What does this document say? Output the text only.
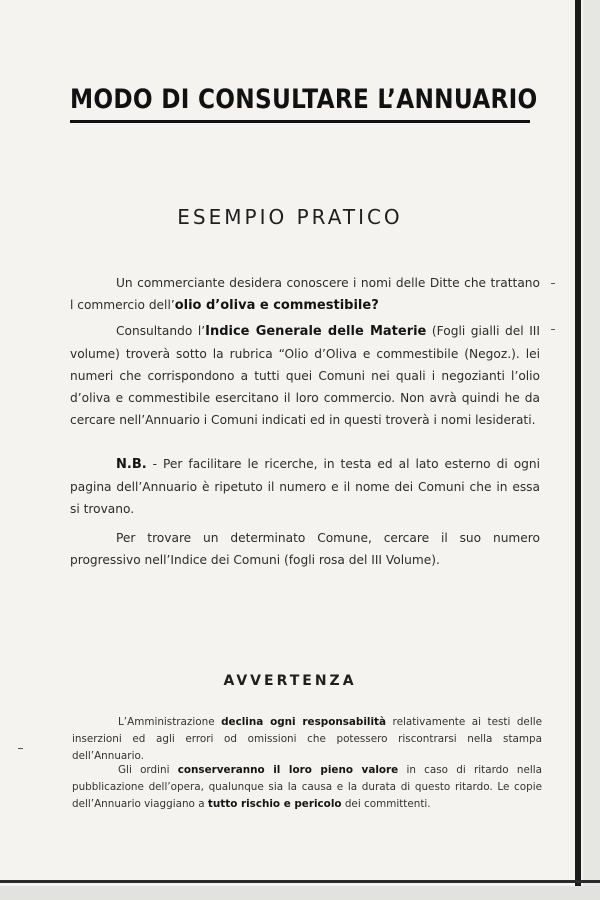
MODO DI CONSULTARE L’ANNUARIO
ESEMPIO PRATICO
Un commerciante desidera conoscere i nomi delle Ditte che trattano l commercio dell’olio d’oliva e commestibile?
Consultando l’Indice Generale delle Materie (Fogli gialli del III volume) troverà sotto la rubrica “Olio d’Oliva e commestibile (Negoz.). lei numeri che corrispondono a tutti quei Comuni nei quali i negozianti l’olio d’oliva e commestibile esercitano il loro commercio. Non avrà quindi he da cercare nell’Annuario i Comuni indicati ed in questi troverà i nomi lesiderati.
N.B. - Per facilitare le ricerche, in testa ed al lato esterno di ogni pagina dell’Annuario è ripetuto il numero e il nome dei Comuni che in essa si trovano.
Per trovare un determinato Comune, cercare il suo numero progressivo nell’Indice dei Comuni (fogli rosa del III Volume).
AVVERTENZA
L’Amministrazione declina ogni responsabilità relativamente ai testi delle inserzioni ed agli errori od omissioni che potessero riscontrarsi nella stampa dell’Annuario.
Gli ordini conserveranno il loro pieno valore in caso di ritardo nella pubblicazione dell’opera, qualunque sia la causa e la durata di questo ritardo. Le copie dell’Annuario viaggiano a tutto rischio e pericolo dei committenti.
